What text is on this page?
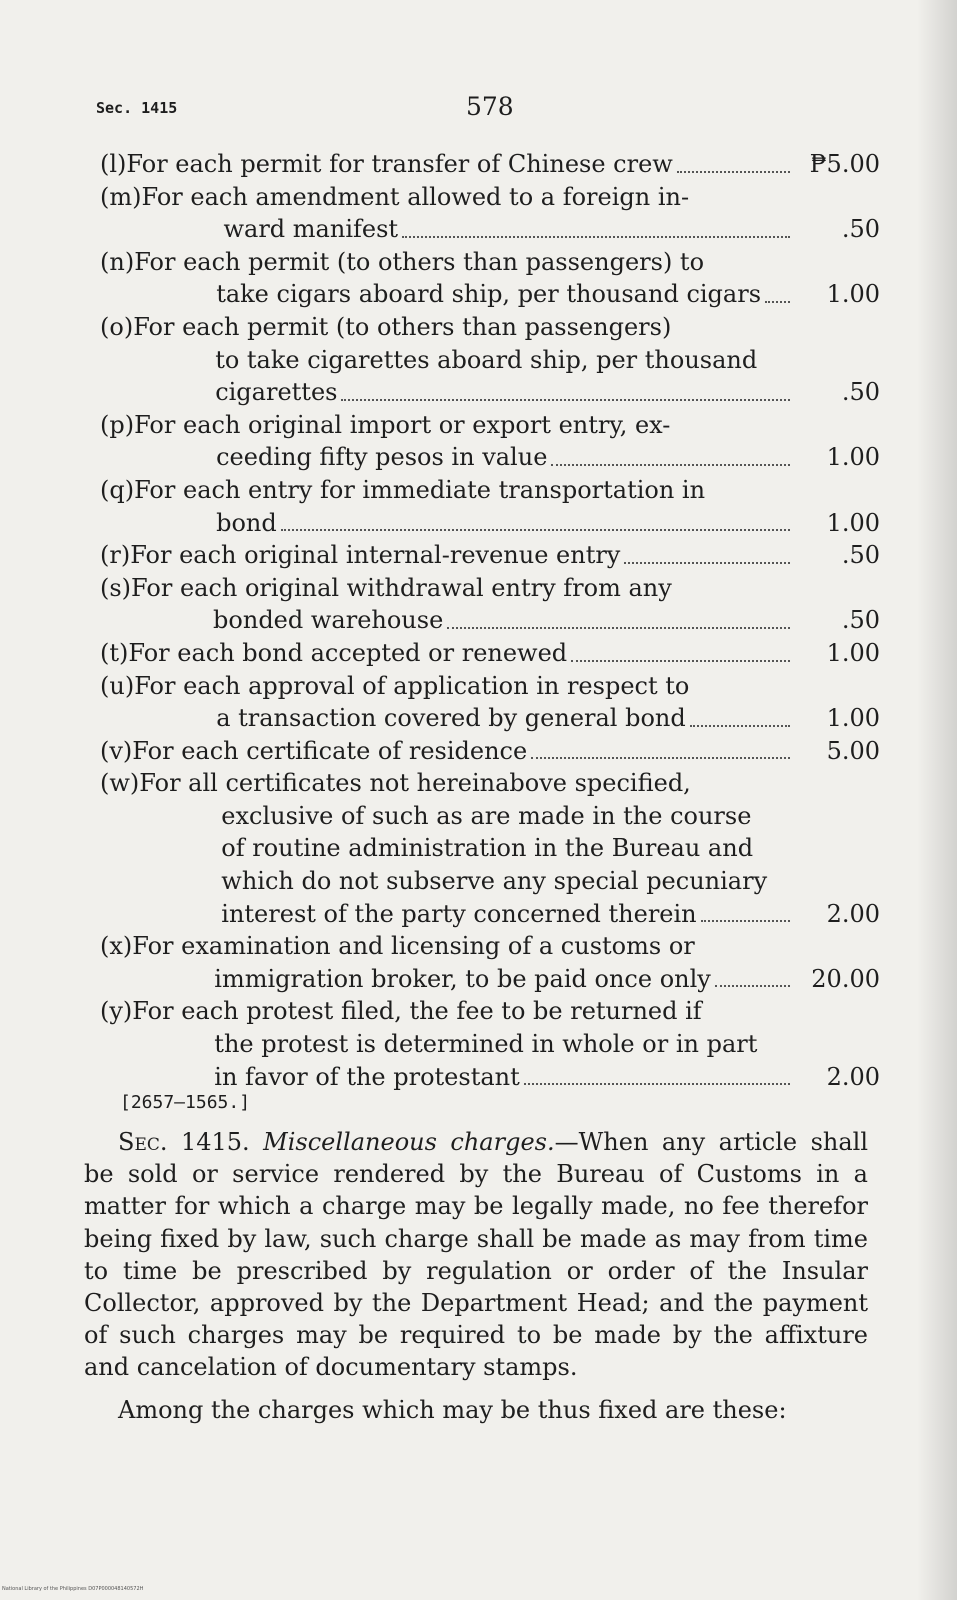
Sec. 1415	578
(l) For each permit for transfer of Chinese crew	₱5.00
(m) For each amendment allowed to a foreign in-
ward manifest	.50
(n) For each permit (to others than passengers) to
take cigars aboard ship, per thousand cigars	1.00
(o) For each permit (to others than passengers)
to take cigarettes aboard ship, per thousand
cigarettes	.50
(p) For each original import or export entry, ex-
ceeding fifty pesos in value	1.00
(q) For each entry for immediate transportation in
bond	1.00
(r) For each original internal-revenue entry	.50
(s) For each original withdrawal entry from any
bonded warehouse	.50
(t) For each bond accepted or renewed	1.00
(u) For each approval of application in respect to
a transaction covered by general bond	1.00
(v) For each certificate of residence	5.00
(w) For all certificates not hereinabove specified,
exclusive of such as are made in the course
of routine administration in the Bureau and
which do not subserve any special pecuniary
interest of the party concerned therein	2.00
(x) For examination and licensing of a customs or
immigration broker, to be paid once only	20.00
(y) For each protest filed, the fee to be returned if
the protest is determined in whole or in part
in favor of the protestant	2.00
[2657—1565.]

Sec. 1415. Miscellaneous charges.—When any article shall be sold or service rendered by the Bureau of Customs in a matter for which a charge may be legally made, no fee therefor being fixed by law, such charge shall be made as may from time to time be prescribed by regulation or order of the Insular Collector, approved by the Department Head; and the payment of such charges may be required to be made by the affixture and cancelation of documentary stamps.

Among the charges which may be thus fixed are these:

National Library of the Philippines D07P000048140572H
